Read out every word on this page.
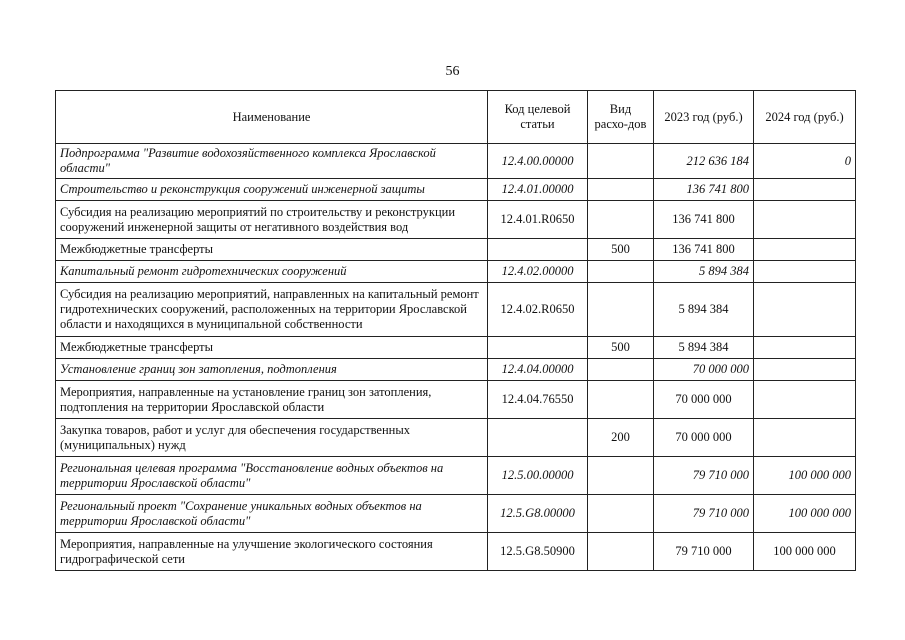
56
Наименование	Код целевой статьи	Вид расхо-дов	2023 год (руб.)	2024 год (руб.)
Подпрограмма "Развитие водохозяйственного комплекса Ярославской области"	12.4.00.00000		212 636 184	0
Строительство и реконструкция сооружений инженерной защиты	12.4.01.00000		136 741 800	
Субсидия на реализацию мероприятий по строительству и реконструкции сооружений инженерной защиты от негативного воздействия вод	12.4.01.R0650		136 741 800	
Межбюджетные трансферты		500	136 741 800	
Капитальный ремонт гидротехнических сооружений	12.4.02.00000		5 894 384	
Субсидия на реализацию мероприятий, направленных на капитальный ремонт гидротехнических сооружений, расположенных на территории Ярославской области и находящихся в муниципальной собственности	12.4.02.R0650		5 894 384	
Межбюджетные трансферты		500	5 894 384	
Установление границ зон затопления, подтопления	12.4.04.00000		70 000 000	
Мероприятия, направленные на установление границ зон затопления, подтопления на территории Ярославской области	12.4.04.76550		70 000 000	
Закупка товаров, работ и услуг для обеспечения государственных (муниципальных) нужд		200	70 000 000	
Региональная целевая программа "Восстановление водных объектов на территории Ярославской области"	12.5.00.00000		79 710 000	100 000 000
Региональный проект "Сохранение уникальных водных объектов на территории Ярославской области"	12.5.G8.00000		79 710 000	100 000 000
Мероприятия, направленные на улучшение экологического состояния гидрографической сети	12.5.G8.50900		79 710 000	100 000 000
